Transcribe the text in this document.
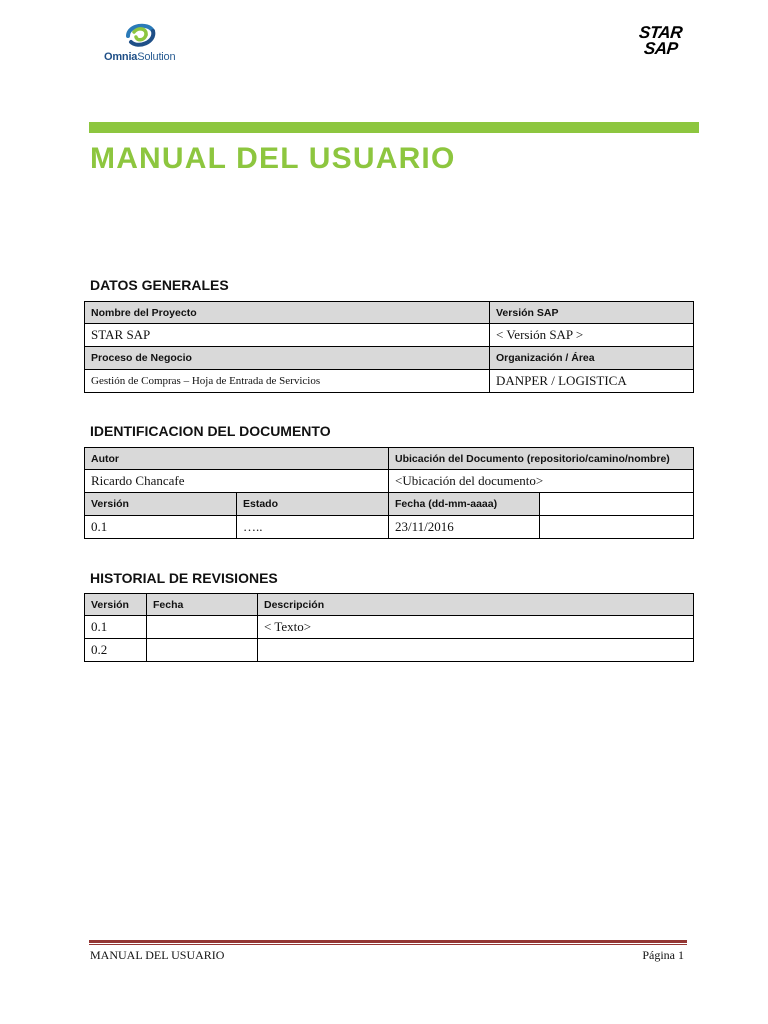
OmniaSolution
STAR
SAP
MANUAL DEL USUARIO
DATOS GENERALES
Nombre del Proyecto	Versión SAP
STAR SAP	< Versión SAP >
Proceso de Negocio	Organización / Área
Gestión de Compras – Hoja de Entrada de Servicios	DANPER / LOGISTICA
IDENTIFICACION DEL DOCUMENTO
Autor		Ubicación del Documento (repositorio/camino/nombre)	
Ricardo Chancafe		<Ubicación del documento>	
Versión	Estado	Fecha (dd-mm-aaaa)	
0.1	…..	23/11/2016	
HISTORIAL DE REVISIONES
Versión	Fecha	Descripción
0.1		< Texto>
0.2		
MANUAL DEL USUARIO	Página 1
